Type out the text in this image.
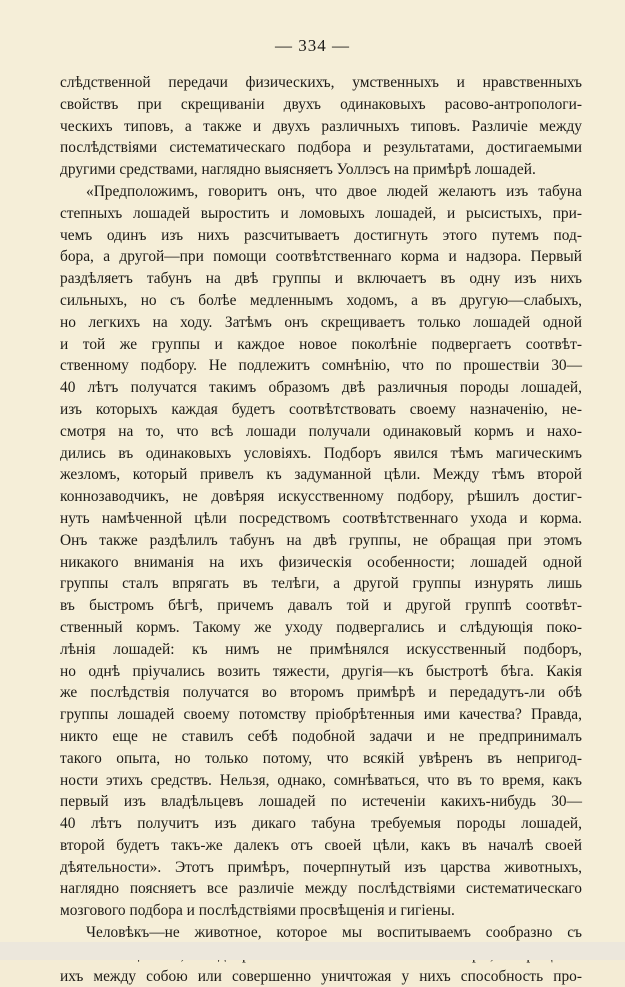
— 334 —
слѣдственной передачи физическихъ, умственныхъ и нравственныхъ
свойствъ при скрещиваніи двухъ одинаковыхъ расово-антропологи-
ческихъ типовъ, а также и двухъ различныхъ типовъ. Различіе между
послѣдствіями систематическаго подбора и результатами, достигаемыми
другими средствами, наглядно выясняетъ Уоллэсъ на примѣрѣ лошадей.
«Предположимъ, говоритъ онъ, что двое людей желаютъ изъ табуна
степныхъ лошадей выростить и ломовыхъ лошадей, и рысистыхъ, при-
чемъ одинъ изъ нихъ разсчитываетъ достигнуть этого путемъ под-
бора, а другой—при помощи соотвѣтственнаго корма и надзора. Первый
раздѣляетъ табунъ на двѣ группы и включаетъ въ одну изъ нихъ
сильныхъ, но съ болѣе медленнымъ ходомъ, а въ другую—слабыхъ,
но легкихъ на ходу. Затѣмъ онъ скрещиваетъ только лошадей одной
и той же группы и каждое новое поколѣніе подвергаетъ соотвѣт-
ственному подбору. Не подлежитъ сомнѣнію, что по прошествіи 30—
40 лѣтъ получатся такимъ образомъ двѣ различныя породы лошадей,
изъ которыхъ каждая будетъ соотвѣтствовать своему назначенію, не-
смотря на то, что всѣ лошади получали одинаковый кормъ и нахо-
дились въ одинаковыхъ условіяхъ. Подборъ явился тѣмъ магическимъ
жезломъ, который привелъ къ задуманной цѣли. Между тѣмъ второй
коннозаводчикъ, не довѣряя искусственному подбору, рѣшилъ достиг-
нуть намѣченной цѣли посредствомъ соотвѣтственнаго ухода и корма.
Онъ также раздѣлилъ табунъ на двѣ группы, не обращая при этомъ
никакого вниманія на ихъ физическія особенности; лошадей одной
группы сталъ впрягать въ телѣги, а другой группы изнурять лишь
въ быстромъ бѣгѣ, причемъ давалъ той и другой группѣ соотвѣт-
ственный кормъ. Такому же уходу подвергались и слѣдующія поко-
лѣнія лошадей: къ нимъ не примѣнялся искусственный подборъ,
но однѣ пріучались возить тяжести, другія—къ быстротѣ бѣга. Какія
же послѣдствія получатся во второмъ примѣрѣ и передадутъ-ли обѣ
группы лошадей своему потомству пріобрѣтенныя ими качества? Правда,
никто еще не ставилъ себѣ подобной задачи и не предпринималъ
такого опыта, но только потому, что всякій увѣренъ въ непригод-
ности этихъ средствъ. Нельзя, однако, сомнѣваться, что въ то время, какъ
первый изъ владѣльцевъ лошадей по истеченіи какихъ-нибудь 30—
40 лѣтъ получитъ изъ дикаго табуна требуемыя породы лошадей,
второй будетъ такъ-же далекъ отъ своей цѣли, какъ въ началѣ своей
дѣятельности». Этотъ примѣръ, почерпнутый изъ царства животныхъ,
наглядно поясняетъ все различіе между послѣдствіями систематическаго
мозгового подбора и послѣдствіями просвѣщенія и гигіены.
Человѣкъ—не животное, которое мы воспитываемъ сообразно съ
ихъ между собою или совершенно уничтожая у нихъ способность про-
